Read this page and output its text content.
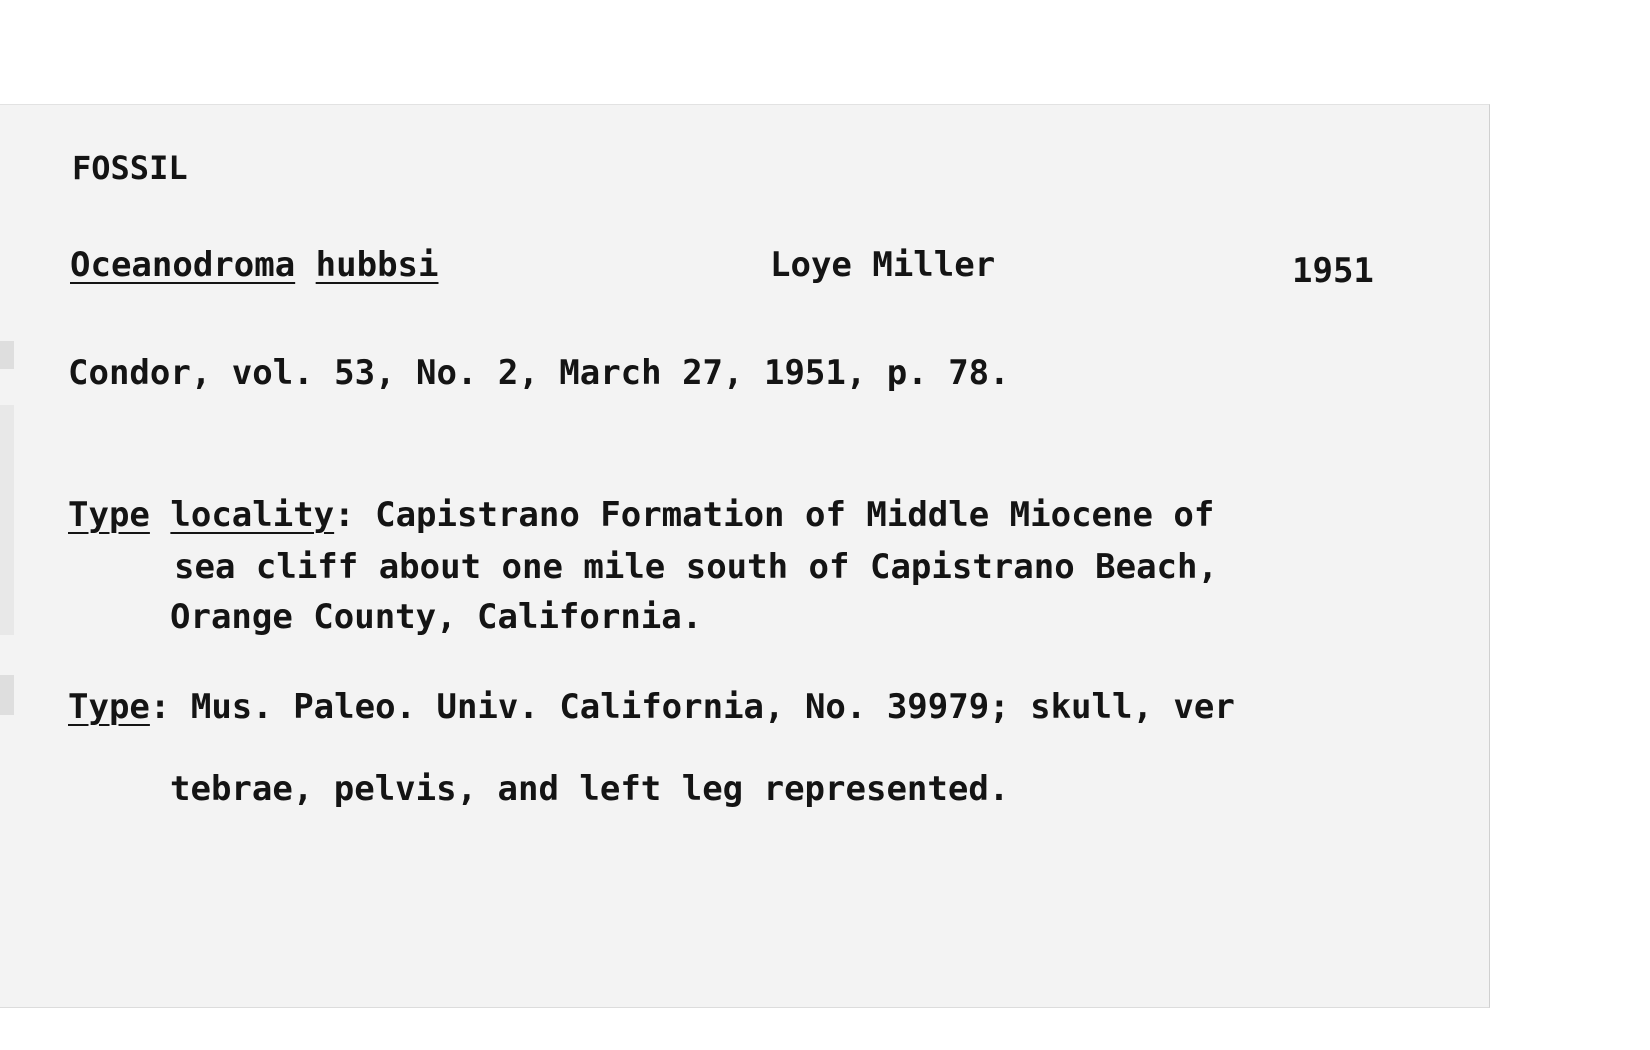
FOSSIL
Oceanodroma hubbsi	Loye Miller	1951
Condor, vol. 53, No. 2, March 27, 1951, p. 78.
Type locality: Capistrano Formation of Middle Miocene of
sea cliff about one mile south of Capistrano Beach,
Orange County, California.
Type: Mus. Paleo. Univ. California, No. 39979; skull, ver
tebrae, pelvis, and left leg represented.
